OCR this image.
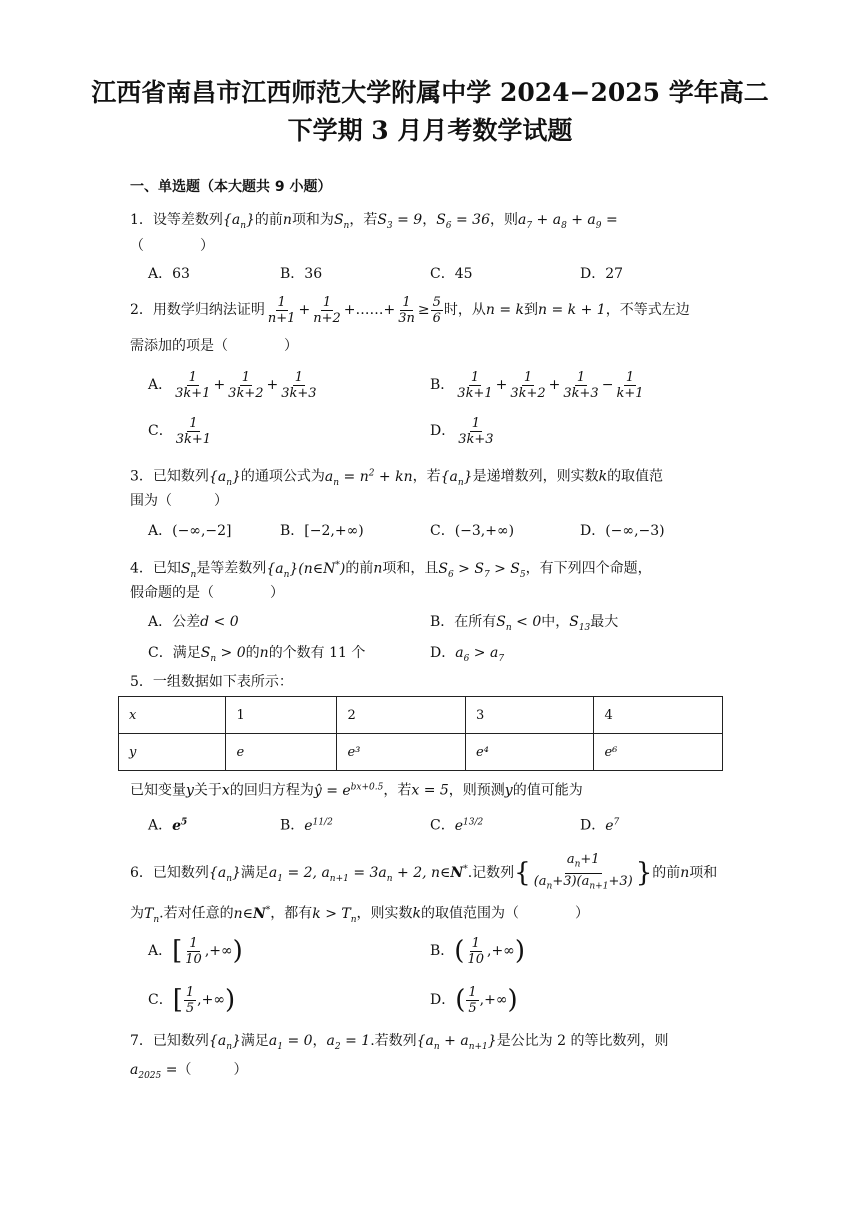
江西省南昌市江西师范大学附属中学 2024−2025 学年高二
下学期 3 月月考数学试题
一、单选题（本大题共 9 小题）
1．设等差数列$\{a_n\}$的前n项和为$S_n$，若$S_3 = 9$，$S_6 = 36$，则$a_7 + a_8 + a_9$ =
（　　　　）
A．63	B．36	C．45	D．27
2．用数学归纳法证明 $\frac{1}{n+1} + \frac{1}{n+2}$ +……+ $\frac{1}{3n} \ge \frac{5}{6}$ 时，从n = k到n = k + 1，不等式左边
需添加的项是（　　　　）
A． $\frac{1}{3k+1} + \frac{1}{3k+2} + \frac{1}{3k+3}$	B． $\frac{1}{3k+1} + \frac{1}{3k+2} + \frac{1}{3k+3} - \frac{1}{k+1}$
C． $\frac{1}{3k+1}$	D． $\frac{1}{3k+3}$
3．已知数列$\{a_n\}$的通项公式为$a_n = n^2$ + kn，若$\{a_n\}$是递增数列，则实数k的取值范
围为（　　　）
A．(−∞,−2]	B．[−2,+∞)	C．(−3,+∞)	D．(−∞,−3)
4．已知$S_n$是等差数列$\{a_n\}(n\in N^*)$的前n项和，且$S_6 > S_7 > S_5$，有下列四个命题，
假命题的是（　　　　）
A．公差d < 0	B．在所有$S_n < 0$中，$S_{13}$最大
C．满足$S_n > 0$的n的个数有 11 个	D．$a_6 > a_7$
5．一组数据如下表所示：
x	1	2	3	4
y	e	e³	e⁴	e⁶
已知变量y关于x的回归方程为ŷ = $e^{bx+0.5}$，若x = 5，则预测y的值可能为
A．$e^5$	B．$e^{11/2}$	C．$e^{13/2}$	D．$e^7$
6．已知数列$\{a_n\}$满足$a_1 = 2$, $a_{n+1} = 3a_n + 2$, n∈N*.记数列{ $\frac{a_n+1}{(a_n+3)(a_{n+1}+3)}$ }的前n项和
为$T_n$.若对任意的n∈N*，都有$k > T_n$，则实数k的取值范围为（　　　　）
A．[ $\frac{1}{10}$ ,+∞)	B．( $\frac{1}{10}$ ,+∞)
C．[ $\frac{1}{5}$ ,+∞)	D．( $\frac{1}{5}$ ,+∞)
7．已知数列$\{a_n\}$满足$a_1 = 0$，$a_2 = 1$.若数列$\{a_n + a_{n+1}\}$是公比为 2 的等比数列，则
$a_{2025}$ =（　　　）
